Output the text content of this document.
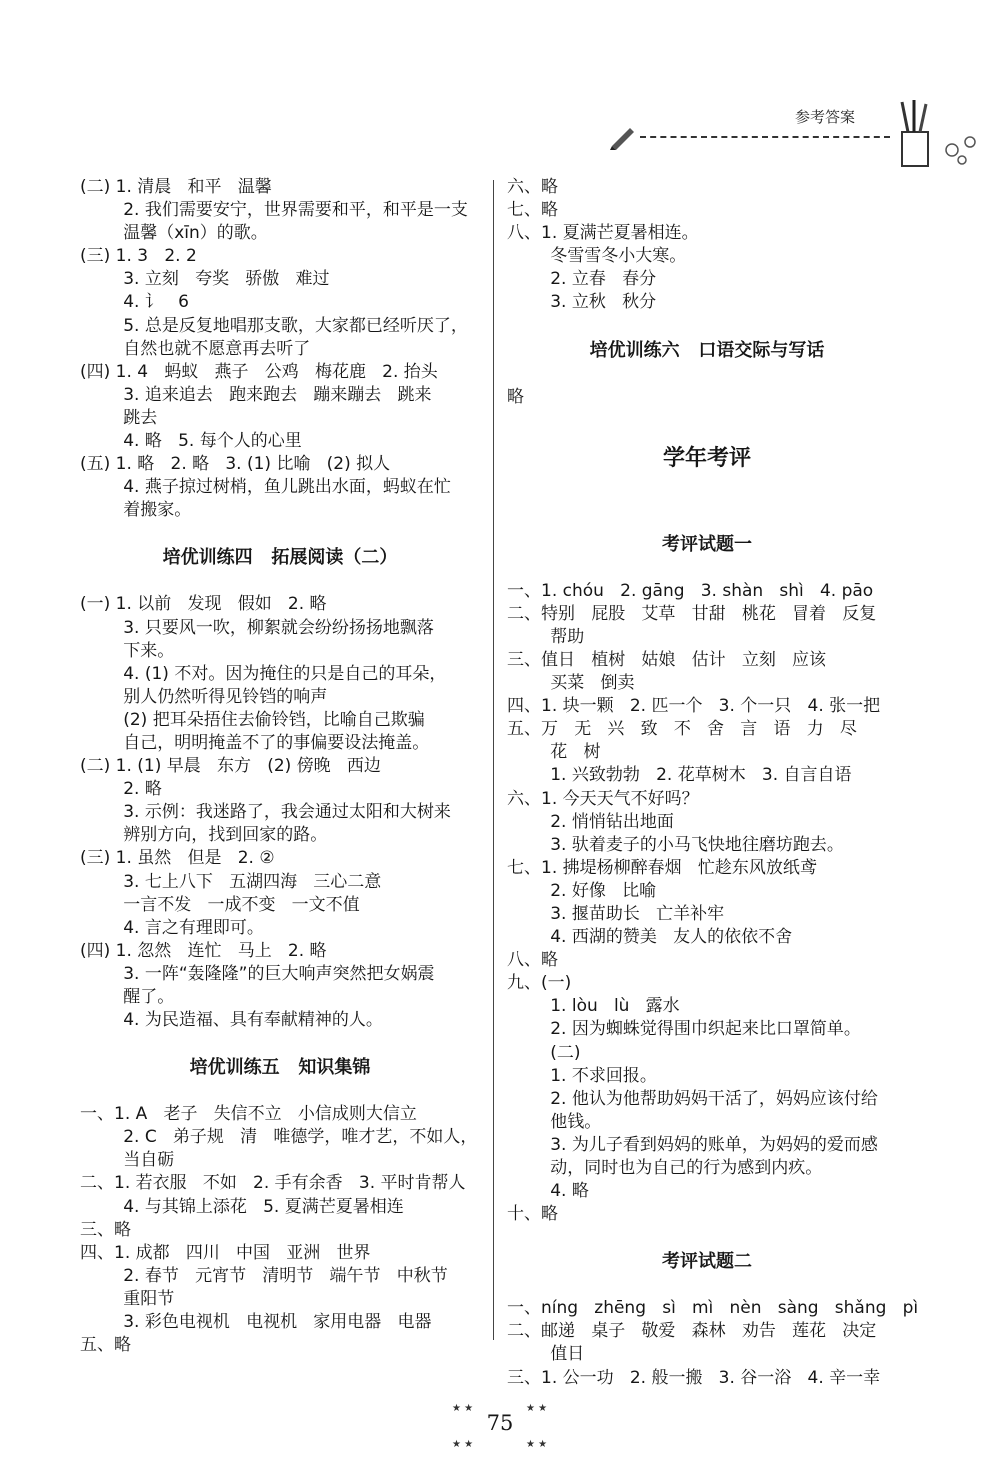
参考答案
(二) 1. 清晨   和平   温馨
2. 我们需要安宁，世界需要和平，和平是一支
温馨（xīn）的歌。
(三) 1. 3   2. 2
3. 立刻   夸奖   骄傲   难过
4. 讠   6
5. 总是反复地唱那支歌，大家都已经听厌了，
自然也就不愿意再去听了
(四) 1. 4   蚂蚁   燕子   公鸡   梅花鹿   2. 抬头
3. 追来追去   跑来跑去   蹦来蹦去   跳来
跳去
4. 略   5. 每个人的心里
(五) 1. 略   2. 略   3. (1) 比喻   (2) 拟人
4. 燕子掠过树梢，鱼儿跳出水面，蚂蚁在忙
着搬家。
培优训练四   拓展阅读（二）
(一) 1. 以前   发现   假如   2. 略
3. 只要风一吹，柳絮就会纷纷扬扬地飘落
下来。
4. (1) 不对。因为掩住的只是自己的耳朵，
别人仍然听得见铃铛的响声
(2) 把耳朵捂住去偷铃铛，比喻自己欺骗
自己，明明掩盖不了的事偏要设法掩盖。
(二) 1. (1) 早晨   东方   (2) 傍晚   西边
2. 略
3. 示例：我迷路了，我会通过太阳和大树来
辨别方向，找到回家的路。
(三) 1. 虽然   但是   2. ②
3. 七上八下   五湖四海   三心二意
一言不发   一成不变   一文不值
4. 言之有理即可。
(四) 1. 忽然   连忙   马上   2. 略
3. 一阵“轰隆隆”的巨大响声突然把女娲震
醒了。
4. 为民造福、具有奉献精神的人。
培优训练五   知识集锦
一、1. A   老子   失信不立   小信成则大信立
2. C   弟子规   清   唯德学，唯才艺，不如人，
当自砺
二、1. 若衣服   不如   2. 手有余香   3. 平时肯帮人
4. 与其锦上添花   5. 夏满芒夏暑相连
三、略
四、1. 成都   四川   中国   亚洲   世界
2. 春节   元宵节   清明节   端午节   中秋节
重阳节
3. 彩色电视机   电视机   家用电器   电器
五、略
六、略
七、略
八、1. 夏满芒夏暑相连。
冬雪雪冬小大寒。
2. 立春   春分
3. 立秋   秋分
培优训练六   口语交际与写话
略
学年考评
考评试题一
一、1. chóu   2. gāng   3. shàn   shì   4. pāo
二、特别   屁股   艾草   甘甜   桃花   冒着   反复
帮助
三、值日   植树   姑娘   估计   立刻   应该
买菜   倒卖
四、1. 块一颗   2. 匹一个   3. 个一只   4. 张一把
五、万   无   兴   致   不   舍   言   语   力   尽
花   树
1. 兴致勃勃   2. 花草树木   3. 自言自语
六、1. 今天天气不好吗？
2. 悄悄钻出地面
3. 驮着麦子的小马飞快地往磨坊跑去。
七、1. 拂堤杨柳醉春烟   忙趁东风放纸鸢
2. 好像   比喻
3. 揠苗助长   亡羊补牢
4. 西湖的赞美   友人的依依不舍
八、略
九、(一)
1. lòu   lù   露水
2. 因为蜘蛛觉得围巾织起来比口罩简单。
(二)
1. 不求回报。
2. 他认为他帮助妈妈干活了，妈妈应该付给
他钱。
3. 为儿子看到妈妈的账单，为妈妈的爱而感
动，同时也为自己的行为感到内疚。
4. 略
十、略
考评试题二
一、níng   zhēng   sì   mì   nèn   sàng   shǎng   pì
二、邮递   桌子   敬爱   森林   劝告   莲花   决定
值日
三、1. 公一功   2. 般一搬   3. 谷一浴   4. 辛一幸
★ ★	★ ★
75
★ ★	★ ★
